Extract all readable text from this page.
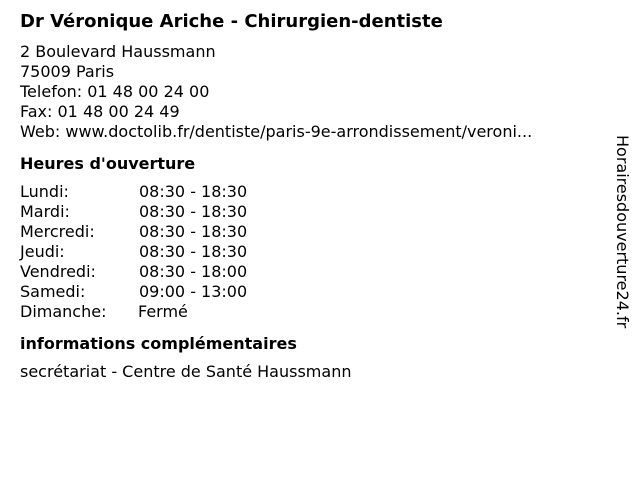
Dr Véronique Ariche - Chirurgien-dentiste
2 Boulevard Haussmann
75009 Paris
Telefon: 01 48 00 24 00
Fax: 01 48 00 24 49
Web: www.doctolib.fr/dentiste/paris-9e-arrondissement/veroni...
Heures d'ouverture
Lundi:	08:30 - 18:30
Mardi:	08:30 - 18:30
Mercredi:	08:30 - 18:30
Jeudi:	08:30 - 18:30
Vendredi:	08:30 - 18:00
Samedi:	09:00 - 13:00
Dimanche:	Fermé
informations complémentaires
secrétariat - Centre de Santé Haussmann
Horairesdouverture24.fr
